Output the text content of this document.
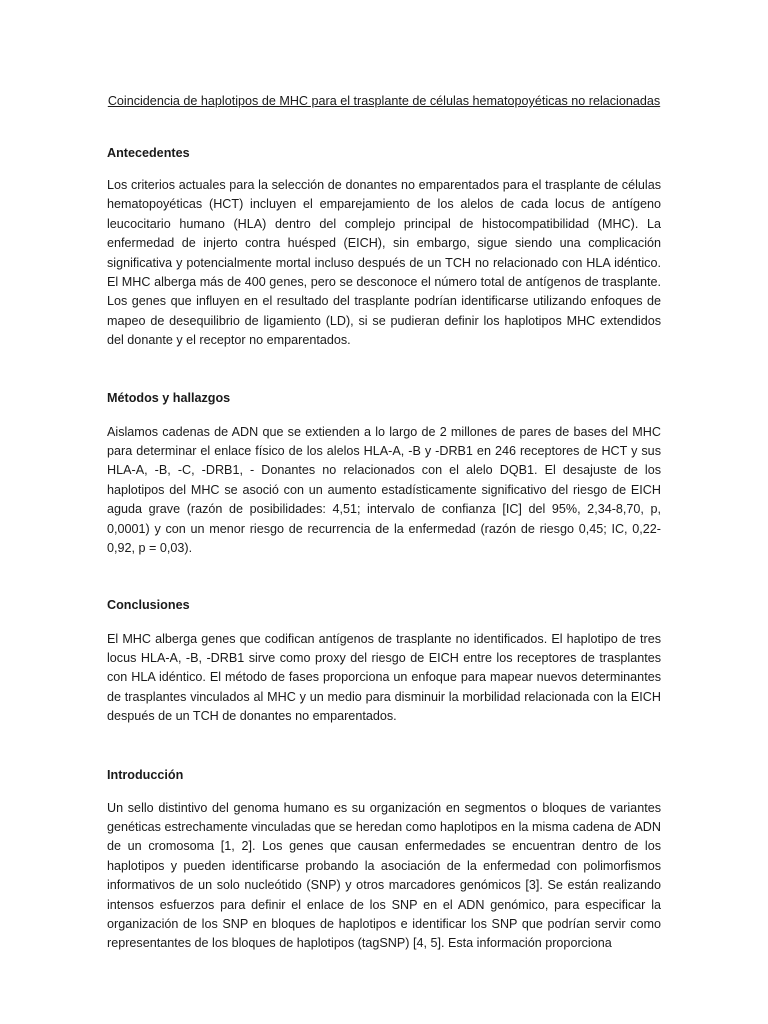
Coincidencia de haplotipos de MHC para el trasplante de células hematopoyéticas no relacionadas
Antecedentes

Los criterios actuales para la selección de donantes no emparentados para el trasplante de células hematopoyéticas (HCT) incluyen el emparejamiento de los alelos de cada locus de antígeno leucocitario humano (HLA) dentro del complejo principal de histocompatibilidad (MHC). La enfermedad de injerto contra huésped (EICH), sin embargo, sigue siendo una complicación significativa y potencialmente mortal incluso después de un TCH no relacionado con HLA idéntico. El MHC alberga más de 400 genes, pero se desconoce el número total de antígenos de trasplante. Los genes que influyen en el resultado del trasplante podrían identificarse utilizando enfoques de mapeo de desequilibrio de ligamiento (LD), si se pudieran definir los haplotipos MHC extendidos del donante y el receptor no emparentados.

Métodos y hallazgos

Aislamos cadenas de ADN que se extienden a lo largo de 2 millones de pares de bases del MHC para determinar el enlace físico de los alelos HLA-A, -B y -DRB1 en 246 receptores de HCT y sus HLA-A, -B, -C, -DRB1, - Donantes no relacionados con el alelo DQB1. El desajuste de los haplotipos del MHC se asoció con un aumento estadísticamente significativo del riesgo de EICH aguda grave (razón de posibilidades: 4,51; intervalo de confianza [IC] del 95%, 2,34-8,70, p, 0,0001) y con un menor riesgo de recurrencia de la enfermedad (razón de riesgo 0,45; IC, 0,22-0,92, p = 0,03).

Conclusiones

El MHC alberga genes que codifican antígenos de trasplante no identificados. El haplotipo de tres locus HLA-A, -B, -DRB1 sirve como proxy del riesgo de EICH entre los receptores de trasplantes con HLA idéntico. El método de fases proporciona un enfoque para mapear nuevos determinantes de trasplantes vinculados al MHC y un medio para disminuir la morbilidad relacionada con la EICH después de un TCH de donantes no emparentados.

Introducción

Un sello distintivo del genoma humano es su organización en segmentos o bloques de variantes genéticas estrechamente vinculadas que se heredan como haplotipos en la misma cadena de ADN de un cromosoma [1, 2]. Los genes que causan enfermedades se encuentran dentro de los haplotipos y pueden identificarse probando la asociación de la enfermedad con polimorfismos informativos de un solo nucleótido (SNP) y otros marcadores genómicos [3]. Se están realizando intensos esfuerzos para definir el enlace de los SNP en el ADN genómico, para especificar la organización de los SNP en bloques de haplotipos e identificar los SNP que podrían servir como representantes de los bloques de haplotipos (tagSNP) [4, 5]. Esta información proporciona
